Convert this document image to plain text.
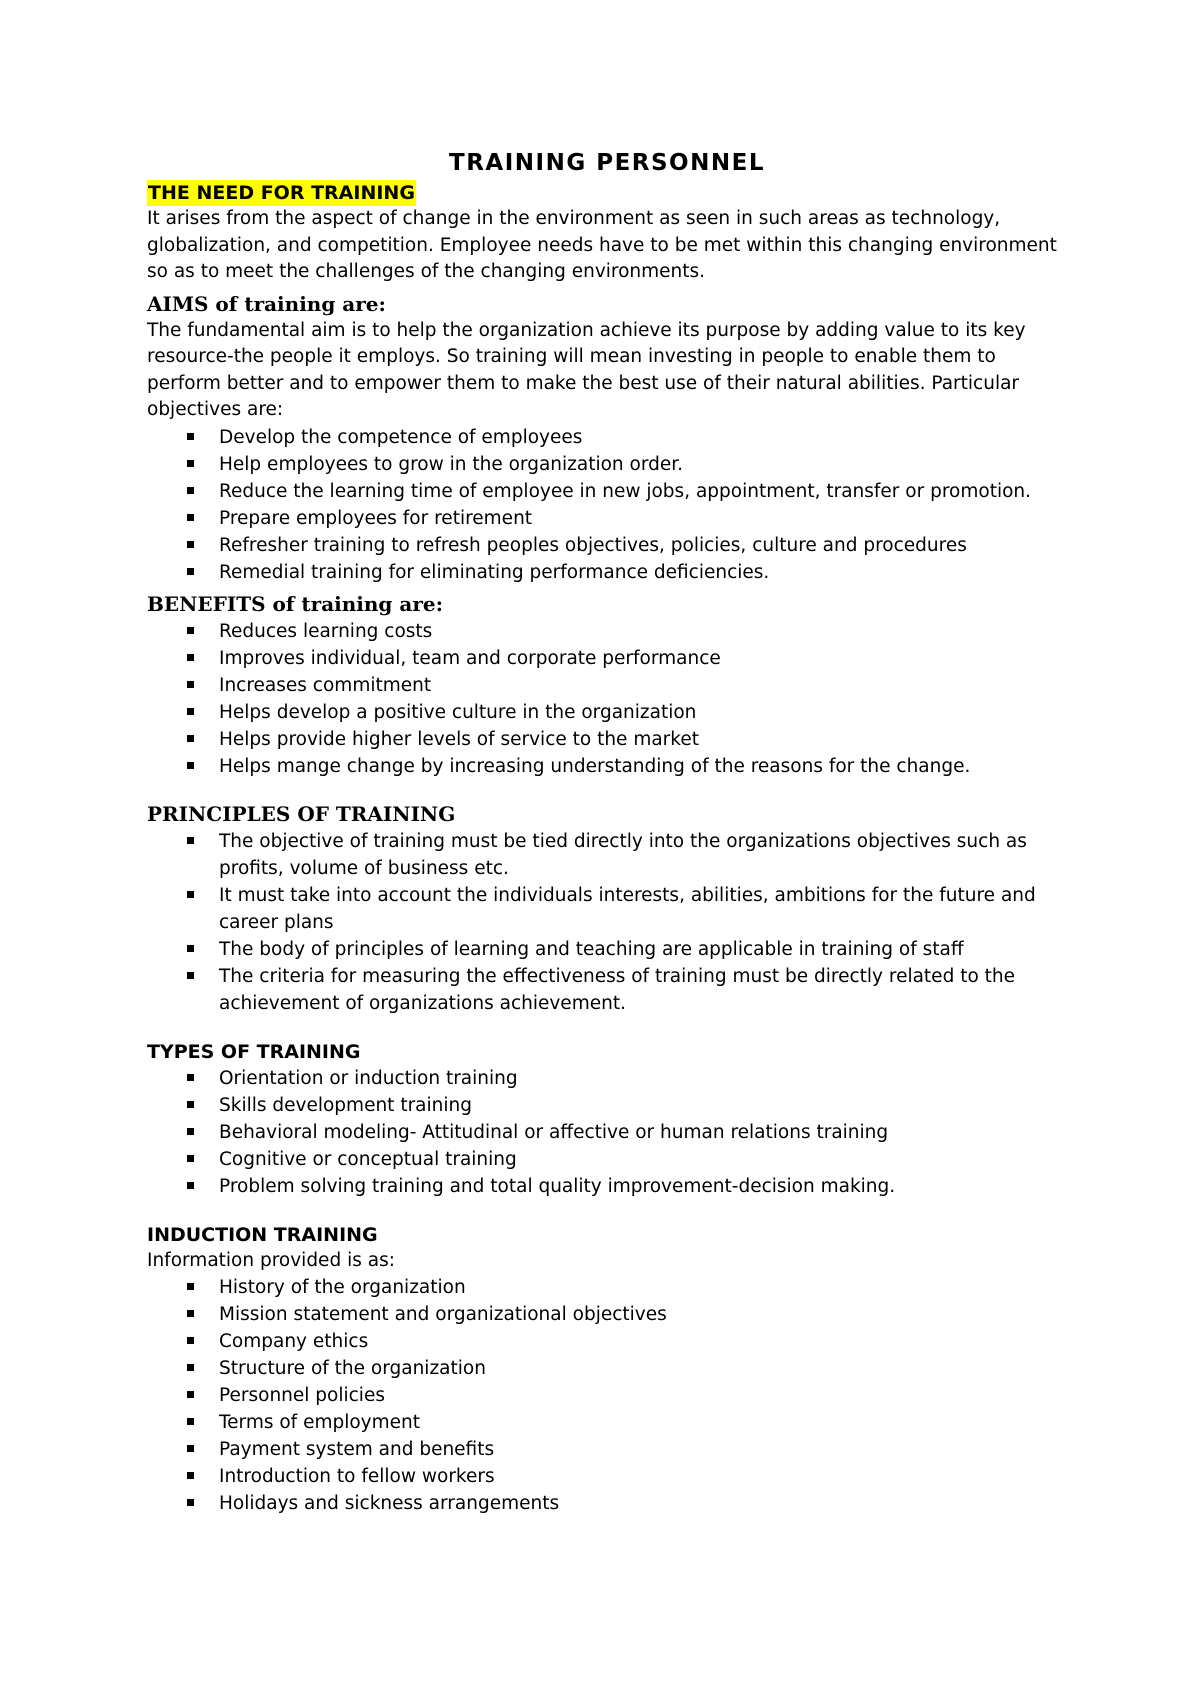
TRAINING PERSONNEL
THE NEED FOR TRAINING

It arises from the aspect of change in the environment as seen in such areas as technology, globalization, and competition. Employee needs have to be met within this changing environment so as to meet the challenges of the changing environments.

AIMS of training are:

The fundamental aim is to help the organization achieve its purpose by adding value to its key resource-the people it employs. So training will mean investing in people to enable them to perform better and to empower them to make the best use of their natural abilities. Particular objectives are:

Develop the competence of employees
Help employees to grow in the organization order.
Reduce the learning time of employee in new jobs, appointment, transfer or promotion.
Prepare employees for retirement
Refresher training to refresh peoples objectives, policies, culture and procedures
Remedial training for eliminating performance deficiencies.
BENEFITS of training are:
Reduces learning costs
Improves individual, team and corporate performance
Increases commitment
Helps develop a positive culture in the organization
Helps provide higher levels of service to the market
Helps mange change by increasing understanding of the reasons for the change.
PRINCIPLES OF TRAINING
The objective of training must be tied directly into the organizations objectives such as profits, volume of business etc.
It must take into account the individuals interests, abilities, ambitions for the future and career plans
The body of principles of learning and teaching are applicable in training of staff
The criteria for measuring the effectiveness of training must be directly related to the achievement of organizations achievement.
TYPES OF TRAINING
Orientation or induction training
Skills development training
Behavioral modeling- Attitudinal or affective or human relations training
Cognitive or conceptual training
Problem solving training and total quality improvement-decision making.
INDUCTION TRAINING

Information provided is as:

History of the organization
Mission statement and organizational objectives
Company ethics
Structure of the organization
Personnel policies
Terms of employment
Payment system and benefits
Introduction to fellow workers
Holidays and sickness arrangements
